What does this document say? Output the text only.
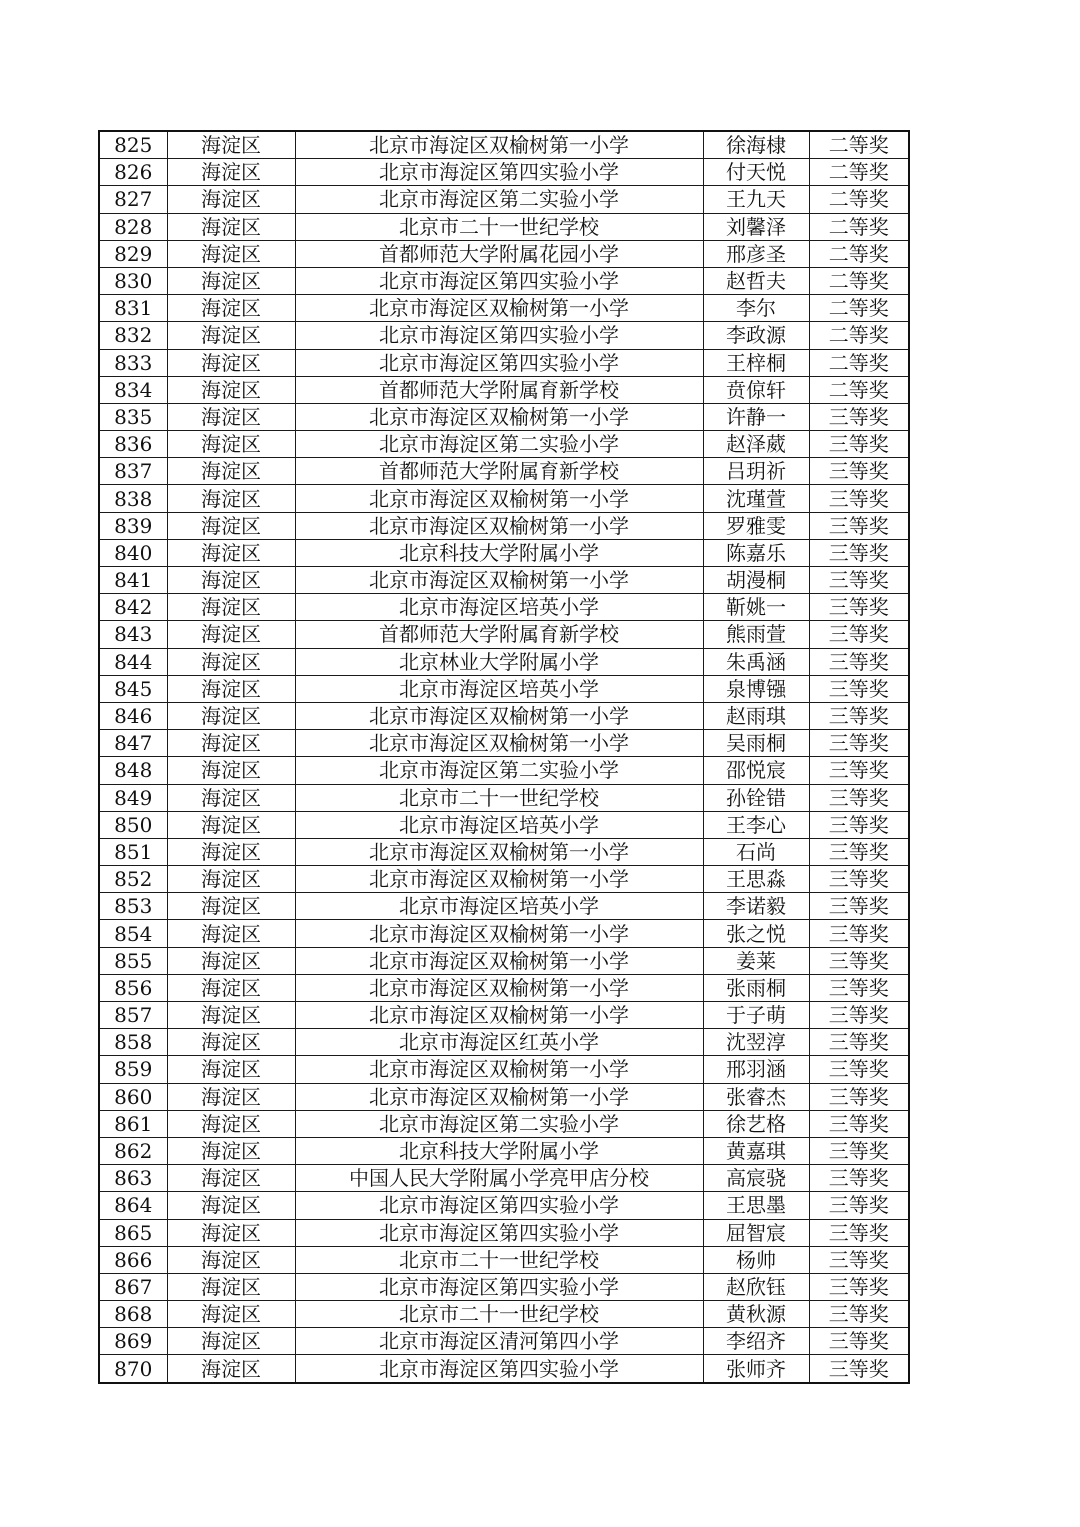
825	海淀区	北京市海淀区双榆树第一小学	徐海棣	二等奖
826	海淀区	北京市海淀区第四实验小学	付天悦	二等奖
827	海淀区	北京市海淀区第二实验小学	王九天	二等奖
828	海淀区	北京市二十一世纪学校	刘馨泽	二等奖
829	海淀区	首都师范大学附属花园小学	邢彦圣	二等奖
830	海淀区	北京市海淀区第四实验小学	赵哲夫	二等奖
831	海淀区	北京市海淀区双榆树第一小学	李尔	二等奖
832	海淀区	北京市海淀区第四实验小学	李政源	二等奖
833	海淀区	北京市海淀区第四实验小学	王梓桐	二等奖
834	海淀区	首都师范大学附属育新学校	贲倞轩	二等奖
835	海淀区	北京市海淀区双榆树第一小学	许静一	三等奖
836	海淀区	北京市海淀区第二实验小学	赵泽葳	三等奖
837	海淀区	首都师范大学附属育新学校	吕玥祈	三等奖
838	海淀区	北京市海淀区双榆树第一小学	沈瑾萱	三等奖
839	海淀区	北京市海淀区双榆树第一小学	罗雅雯	三等奖
840	海淀区	北京科技大学附属小学	陈嘉乐	三等奖
841	海淀区	北京市海淀区双榆树第一小学	胡漫桐	三等奖
842	海淀区	北京市海淀区培英小学	靳姚一	三等奖
843	海淀区	首都师范大学附属育新学校	熊雨萱	三等奖
844	海淀区	北京林业大学附属小学	朱禹涵	三等奖
845	海淀区	北京市海淀区培英小学	泉博镪	三等奖
846	海淀区	北京市海淀区双榆树第一小学	赵雨琪	三等奖
847	海淀区	北京市海淀区双榆树第一小学	吴雨桐	三等奖
848	海淀区	北京市海淀区第二实验小学	邵悦宸	三等奖
849	海淀区	北京市二十一世纪学校	孙铨错	三等奖
850	海淀区	北京市海淀区培英小学	王李心	三等奖
851	海淀区	北京市海淀区双榆树第一小学	石尚	三等奖
852	海淀区	北京市海淀区双榆树第一小学	王思淼	三等奖
853	海淀区	北京市海淀区培英小学	李诺毅	三等奖
854	海淀区	北京市海淀区双榆树第一小学	张之悦	三等奖
855	海淀区	北京市海淀区双榆树第一小学	姜莱	三等奖
856	海淀区	北京市海淀区双榆树第一小学	张雨桐	三等奖
857	海淀区	北京市海淀区双榆树第一小学	于子萌	三等奖
858	海淀区	北京市海淀区红英小学	沈翌淳	三等奖
859	海淀区	北京市海淀区双榆树第一小学	邢羽涵	三等奖
860	海淀区	北京市海淀区双榆树第一小学	张睿杰	三等奖
861	海淀区	北京市海淀区第二实验小学	徐艺格	三等奖
862	海淀区	北京科技大学附属小学	黄嘉琪	三等奖
863	海淀区	中国人民大学附属小学亮甲店分校	高宸骁	三等奖
864	海淀区	北京市海淀区第四实验小学	王思墨	三等奖
865	海淀区	北京市海淀区第四实验小学	屈智宸	三等奖
866	海淀区	北京市二十一世纪学校	杨帅	三等奖
867	海淀区	北京市海淀区第四实验小学	赵欣钰	三等奖
868	海淀区	北京市二十一世纪学校	黄秋源	三等奖
869	海淀区	北京市海淀区清河第四小学	李绍齐	三等奖
870	海淀区	北京市海淀区第四实验小学	张师齐	三等奖
